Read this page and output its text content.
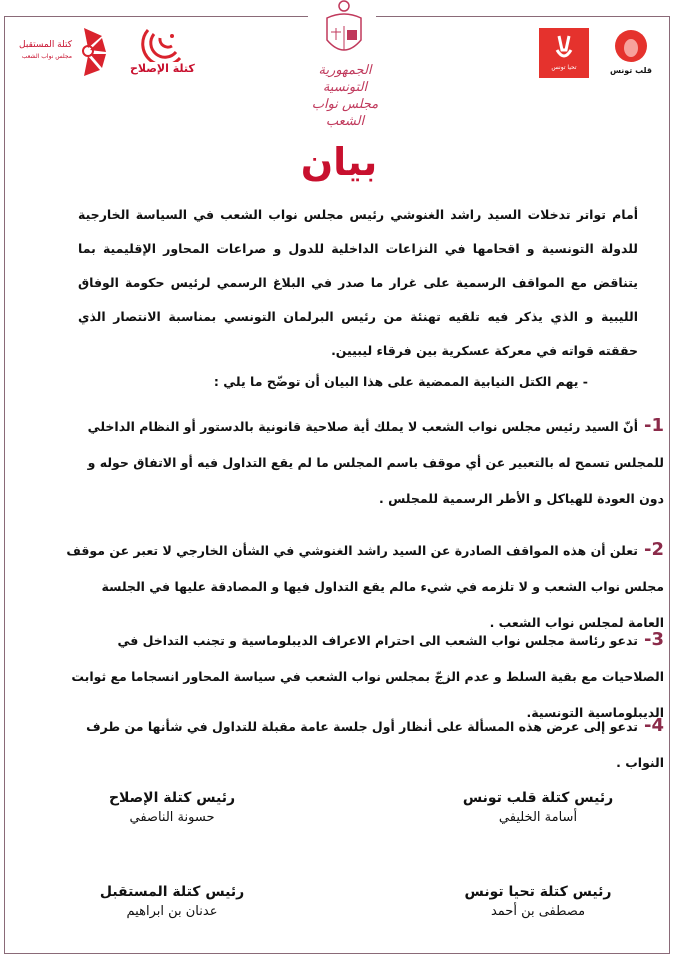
كتلة المستقبل
مجلس نواب الشعب
كتلة الإصلاح	الجمهورية التونسية
مجلس نواب الشعب
تحيا تونس	قلب تونس
بيان
أمام تواتر تدخلات السيد راشد الغنوشي رئيس مجلس نواب الشعب في السياسة الخارجية للدولة التونسية و اقحامها في النزاعات الداخلية للدول و صراعات المحاور الإقليمية بما يتناقض مع المواقف الرسمية على غرار ما صدر في البلاغ الرسمي لرئيس حكومة الوفاق الليبية و الذي يذكر فيه تلقيه تهنئة من رئيس البرلمان التونسي بمناسبة الانتصار الذي حققته قواته في معركة عسكرية بين فرقاء ليبيين.
- يهم الكتل النيابية الممضية على هذا البيان أن توضّح ما يلي :
1-أنّ السيد رئيس مجلس نواب الشعب لا يملك أية صلاحية قانونية بالدستور أو النظام الداخلي للمجلس تسمح له بالتعبير عن أي موقف باسم المجلس ما لم يقع التداول فيه أو الاتفاق حوله و دون العودة للهياكل و الأطر الرسمية للمجلس .
2-تعلن أن هذه المواقف الصادرة عن السيد راشد الغنوشي في الشأن الخارجي لا تعبر عن موقف مجلس نواب الشعب و لا تلزمه في شيء مالم يقع التداول فيها و المصادقة عليها في الجلسة العامة لمجلس نواب الشعب .
3-تدعو رئاسة مجلس نواب الشعب الى احترام الاعراف الديبلوماسية و تجنب التداخل في الصلاحيات مع بقية السلط و عدم الزجّ بمجلس نواب الشعب في سياسة المحاور انسجاما مع ثوابت الديبلوماسية التونسية.
4-تدعو إلى عرض هذه المسألة على أنظار أول جلسة عامة مقبلة للتداول في شأنها من طرف النواب .
رئيس كتلة قلب تونس
أسامة الخليفي
رئيس كتلة الإصلاح
حسونة الناصفي
رئيس كتلة تحيا تونس
مصطفى بن أحمد
رئيس كتلة المستقبل
عدنان بن ابراهيم
